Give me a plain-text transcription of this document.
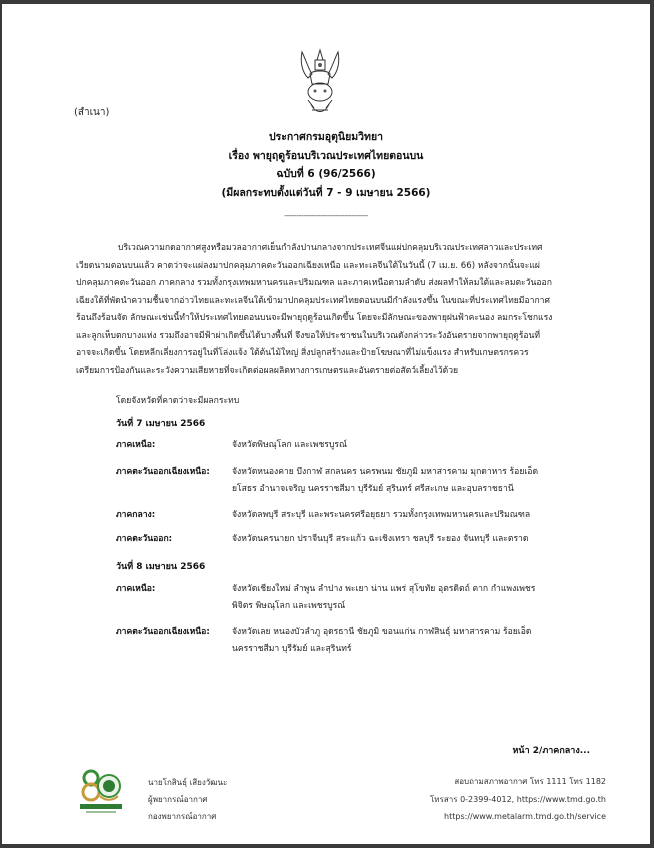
(สำเนา)
ประกาศกรมอุตุนิยมวิทยา
เรื่อง พายุฤดูร้อนบริเวณประเทศไทยตอนบน
ฉบับที่ 6 (96/2566)
(มีผลกระทบตั้งแต่วันที่ 7 - 9 เมษายน 2566)
-----------------------------------
บริเวณความกดอากาศสูงหรือมวลอากาศเย็นกำลังปานกลางจากประเทศจีนแผ่ปกคลุมบริเวณประเทศลาวและประเทศ
เวียดนามตอนบนแล้ว คาดว่าจะแผ่ลงมาปกคลุมภาคตะวันออกเฉียงเหนือ และทะเลจีนใต้ในวันนี้ (7 เม.ย. 66) หลังจากนั้นจะแผ่
ปกคลุมภาคตะวันออก ภาคกลาง รวมทั้งกรุงเทพมหานครและปริมณฑล และภาคเหนือตามลำดับ ส่งผลทำให้ลมใต้และลมตะวันออก
เฉียงใต้ที่พัดนำความชื้นจากอ่าวไทยและทะเลจีนใต้เข้ามาปกคลุมประเทศไทยตอนบนมีกำลังแรงขึ้น ในขณะที่ประเทศไทยมีอากาศ
ร้อนถึงร้อนจัด ลักษณะเช่นนี้ทำให้ประเทศไทยตอนบนจะมีพายุฤดูร้อนเกิดขึ้น โดยจะมีลักษณะของพายุฝนฟ้าคะนอง ลมกระโชกแรง
และลูกเห็บตกบางแห่ง รวมถึงอาจมีฟ้าผ่าเกิดขึ้นได้บางพื้นที่ จึงขอให้ประชาชนในบริเวณดังกล่าวระวังอันตรายจากพายุฤดูร้อนที่
อาจจะเกิดขึ้น โดยหลีกเลี่ยงการอยู่ในที่โล่งแจ้ง ใต้ต้นไม้ใหญ่ สิ่งปลูกสร้างและป้ายโฆษณาที่ไม่แข็งแรง สำหรับเกษตรกรควร
เตรียมการป้องกันและระวังความเสียหายที่จะเกิดต่อผลผลิตทางการเกษตรและอันตรายต่อสัตว์เลี้ยงไว้ด้วย
โดยจังหวัดที่คาดว่าจะมีผลกระทบ
วันที่ 7 เมษายน 2566
ภาคเหนือ:	จังหวัดพิษณุโลก และเพชรบูรณ์
ภาคตะวันออกเฉียงเหนือ:	จังหวัดหนองคาย บึงกาฬ สกลนคร นครพนม ชัยภูมิ มหาสารคาม มุกดาหาร ร้อยเอ็ด
ยโสธร อำนาจเจริญ นครราชสีมา บุรีรัมย์ สุรินทร์ ศรีสะเกษ และอุบลราชธานี
ภาคกลาง:	จังหวัดลพบุรี สระบุรี และพระนครศรีอยุธยา รวมทั้งกรุงเทพมหานครและปริมณฑล
ภาคตะวันออก:	จังหวัดนครนายก ปราจีนบุรี สระแก้ว ฉะเชิงเทรา ชลบุรี ระยอง จันทบุรี และตราด
วันที่ 8 เมษายน 2566
ภาคเหนือ:	จังหวัดเชียงใหม่ ลำพูน ลำปาง พะเยา น่าน แพร่ สุโขทัย อุตรดิตถ์ ตาก กำแพงเพชร
พิจิตร พิษณุโลก และเพชรบูรณ์
ภาคตะวันออกเฉียงเหนือ:	จังหวัดเลย หนองบัวลำภู อุดรธานี ชัยภูมิ ขอนแก่น กาฬสินธุ์ มหาสารคาม ร้อยเอ็ด
นครราชสีมา บุรีรัมย์ และสุรินทร์
หน้า 2/ภาคกลาง...
นายโกสินธุ์ เสียงวัฒนะ
ผู้พยากรณ์อากาศ
กองพยากรณ์อากาศ
สอบถามสภาพอากาศ โทร 1111 โทร 1182
โทรสาร 0-2399-4012, https://www.tmd.go.th
https://www.metalarm.tmd.go.th/service
